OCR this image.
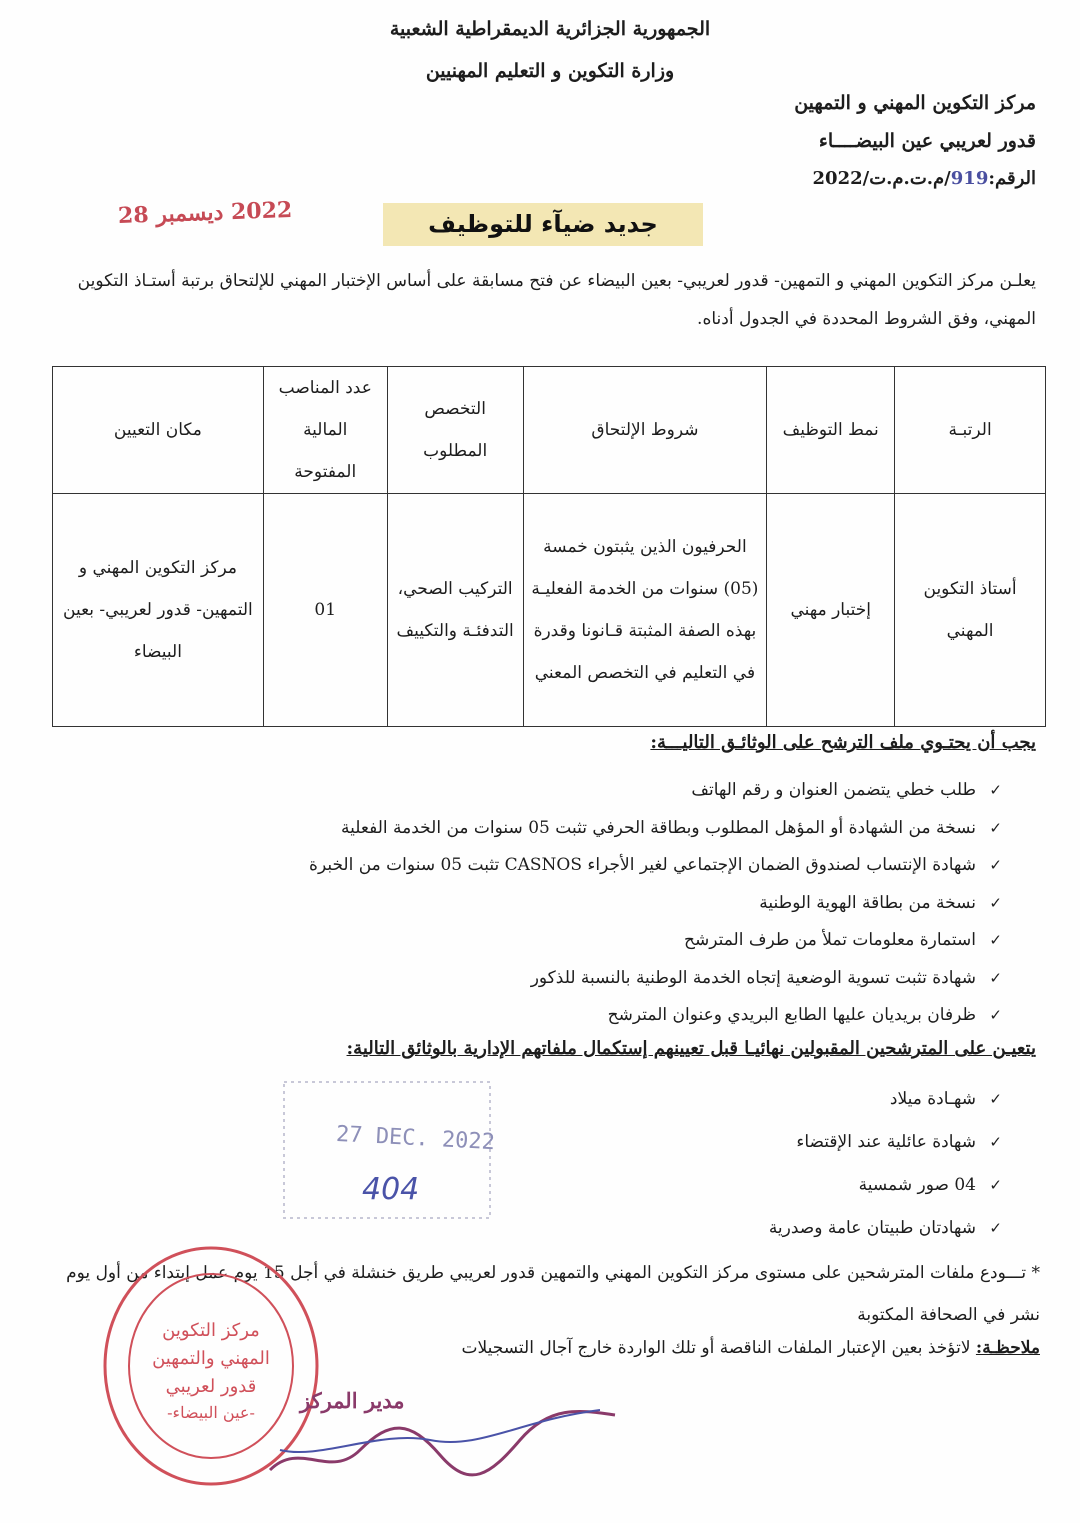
الجمهورية الجزائرية الديمقراطية الشعبية
وزارة التكوين و التعليم المهنيين
مركز التكوين المهني و التمهين
قدور لعريبي عين البيضــــاء
الرقم:919/م.ت.م.ت/2022
2022 ديسمبر 28	جديد ضيآء للتوظيف
يعلـن مركز التكوين المهني و التمهين- قدور لعريبي- بعين البيضاء عن فتح مسابقة على أساس الإختبار المهني للإلتحاق برتبة أستـاذ التكوين المهني، وفق الشروط المحددة في الجدول أدناه.
الرتبـة	نمط التوظيف	شروط الإلتحاق	التخصص المطلوب	عدد المناصب المالية المفتوحة	مكان التعيين
أستاذ التكوين المهني	إختبار مهني	الحرفيون الذين يثبتون خمسة (05) سنوات من الخدمة الفعليـة بهذه الصفة المثبتة قـانونا وقدرة في التعليم في التخصص المعني	التركيب الصحي، التدفئـة والتكييف	01	مركز التكوين المهني و التمهين- قدور لعريبي- بعين البيضاء
يجب أن يحتـوي ملف الترشح على الوثائـق التاليـــة:
✓طلب خطي يتضمن العنوان و رقم الهاتف
✓نسخة من الشهادة أو المؤهل المطلوب وبطاقة الحرفي تثبت 05 سنوات من الخدمة الفعلية
✓شهادة الإنتساب لصندوق الضمان الإجتماعي لغير الأجراء CASNOS تثبت 05 سنوات من الخبرة
✓نسخة من بطاقة الهوية الوطنية
✓استمارة معلومات تملأ من طرف المترشح
✓شهادة تثبت تسوية الوضعية إتجاه الخدمة الوطنية بالنسبة للذكور
✓ظرفان بريديان عليها الطابع البريدي وعنوان المترشح
يتعيـن على المترشحين المقبولين نهائيـا قبل تعيينهم إستكمال ملفاتهم الإدارية بالوثائق التالية:
27 DEC. 2022
404
✓شهـادة ميلاد
✓شهادة عائلية عند الإقتضاء
✓04 صور شمسية
✓شهادتان طبيتان عامة وصدرية
* تـــودع ملفات المترشحين على مستوى مركز التكوين المهني والتمهين قدور لعريبي طريق خنشلة في أجل 15 يوم عمل إبتداء من أول يوم نشر في الصحافة المكتوبة
ملاحظـة: لاتؤخذ بعين الإعتبار الملفات الناقصة أو تلك الواردة خارج آجال التسجيلات
مركز التكوين
المهني والتمهين
قدور لعريبي
-عين البيضاء- مدير المركز
